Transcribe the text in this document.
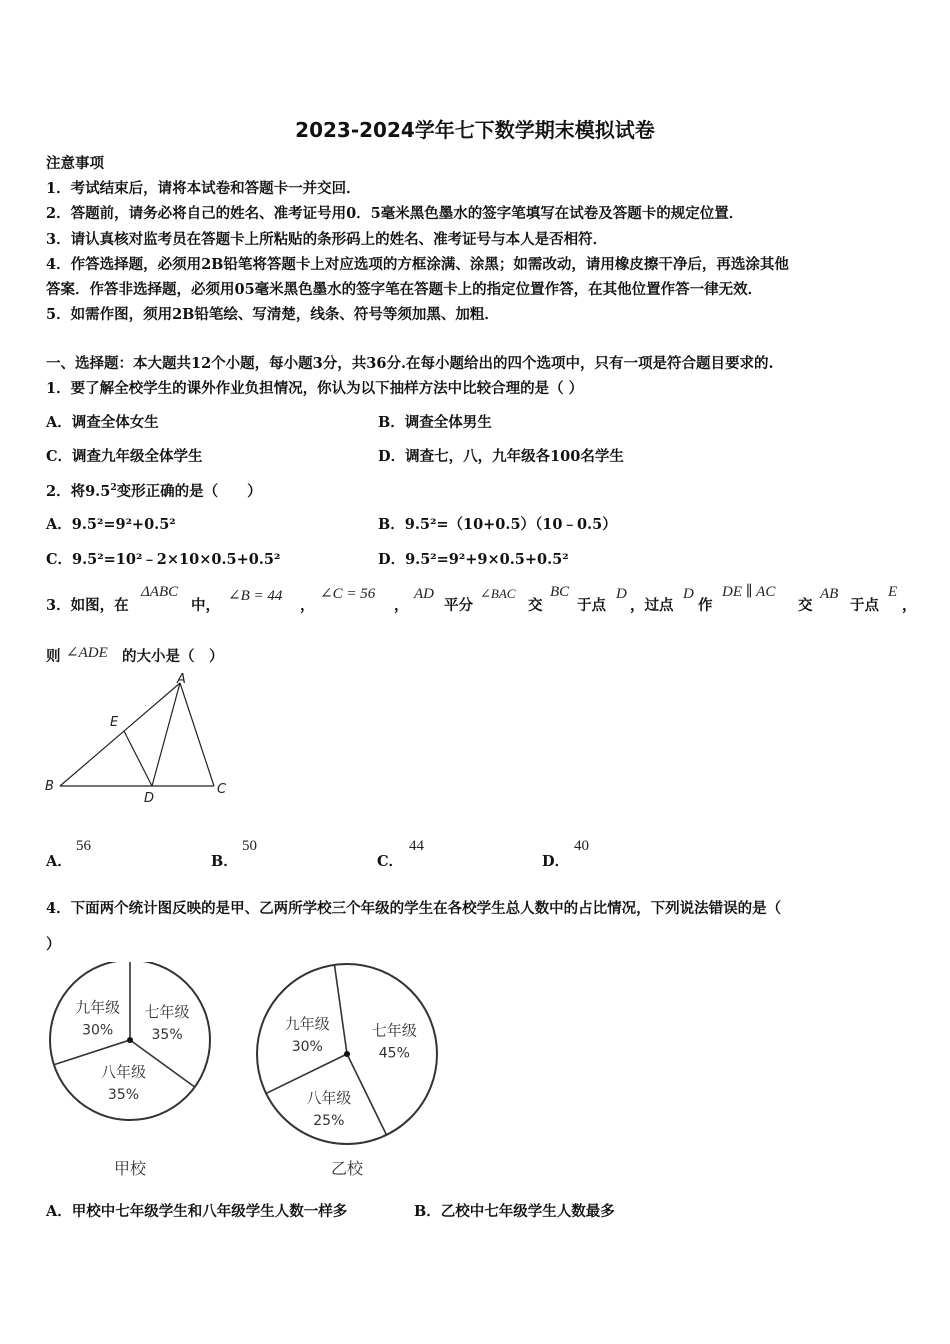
2023-2024学年七下数学期末模拟试卷
注意事项
1．考试结束后，请将本试卷和答题卡一并交回．
2．答题前，请务必将自己的姓名、准考证号用0．5毫米黑色墨水的签字笔填写在试卷及答题卡的规定位置．
3．请认真核对监考员在答题卡上所粘贴的条形码上的姓名、准考证号与本人是否相符．
4．作答选择题，必须用2B铅笔将答题卡上对应选项的方框涂满、涂黑；如需改动，请用橡皮擦干净后，再选涂其他
答案．作答非选择题，必须用05毫米黑色墨水的签字笔在答题卡上的指定位置作答，在其他位置作答一律无效．
5．如需作图，须用2B铅笔绘、写清楚，线条、符号等须加黑、加粗．
一、选择题：本大题共12个小题，每小题3分，共36分.在每小题给出的四个选项中，只有一项是符合题目要求的.
1．要了解全校学生的课外作业负担情况，你认为以下抽样方法中比较合理的是（ ）
A．调查全体女生	B．调查全体男生
C．调查九年级全体学生	D．调查七，八，九年级各100名学生
2．将$9.5^2$变形正确的是（　　）
A．9.5²=9²+0.5²	B．9.5²=（10+0.5）（10﹣0.5）
C．9.5²=10²﹣2×10×0.5+0.5²	D．9.5²=9²+9×0.5+0.5²
3．如图，在
ΔABC
中，
∠B = 44
，
∠C = 56
，
AD
平分
∠BAC
交
BC
于点
D
，过点
D
作
DE ∥ AC
交
AB
于点
E
，
则 ∠ADE 的大小是（　）
A
B	C
D
E
A．
56
B．
50
C．
44
D．
40
4．下面两个统计图反映的是甲、乙两所学校三个年级的学生在各校学生总人数中的占比情况，下列说法错误的是（
）
七年级
35%
八年级
35%
九年级
30%
甲校
七年级
45%
八年级
25%
九年级
30%
乙校
A．甲校中七年级学生和八年级学生人数一样多	B．乙校中七年级学生人数最多
